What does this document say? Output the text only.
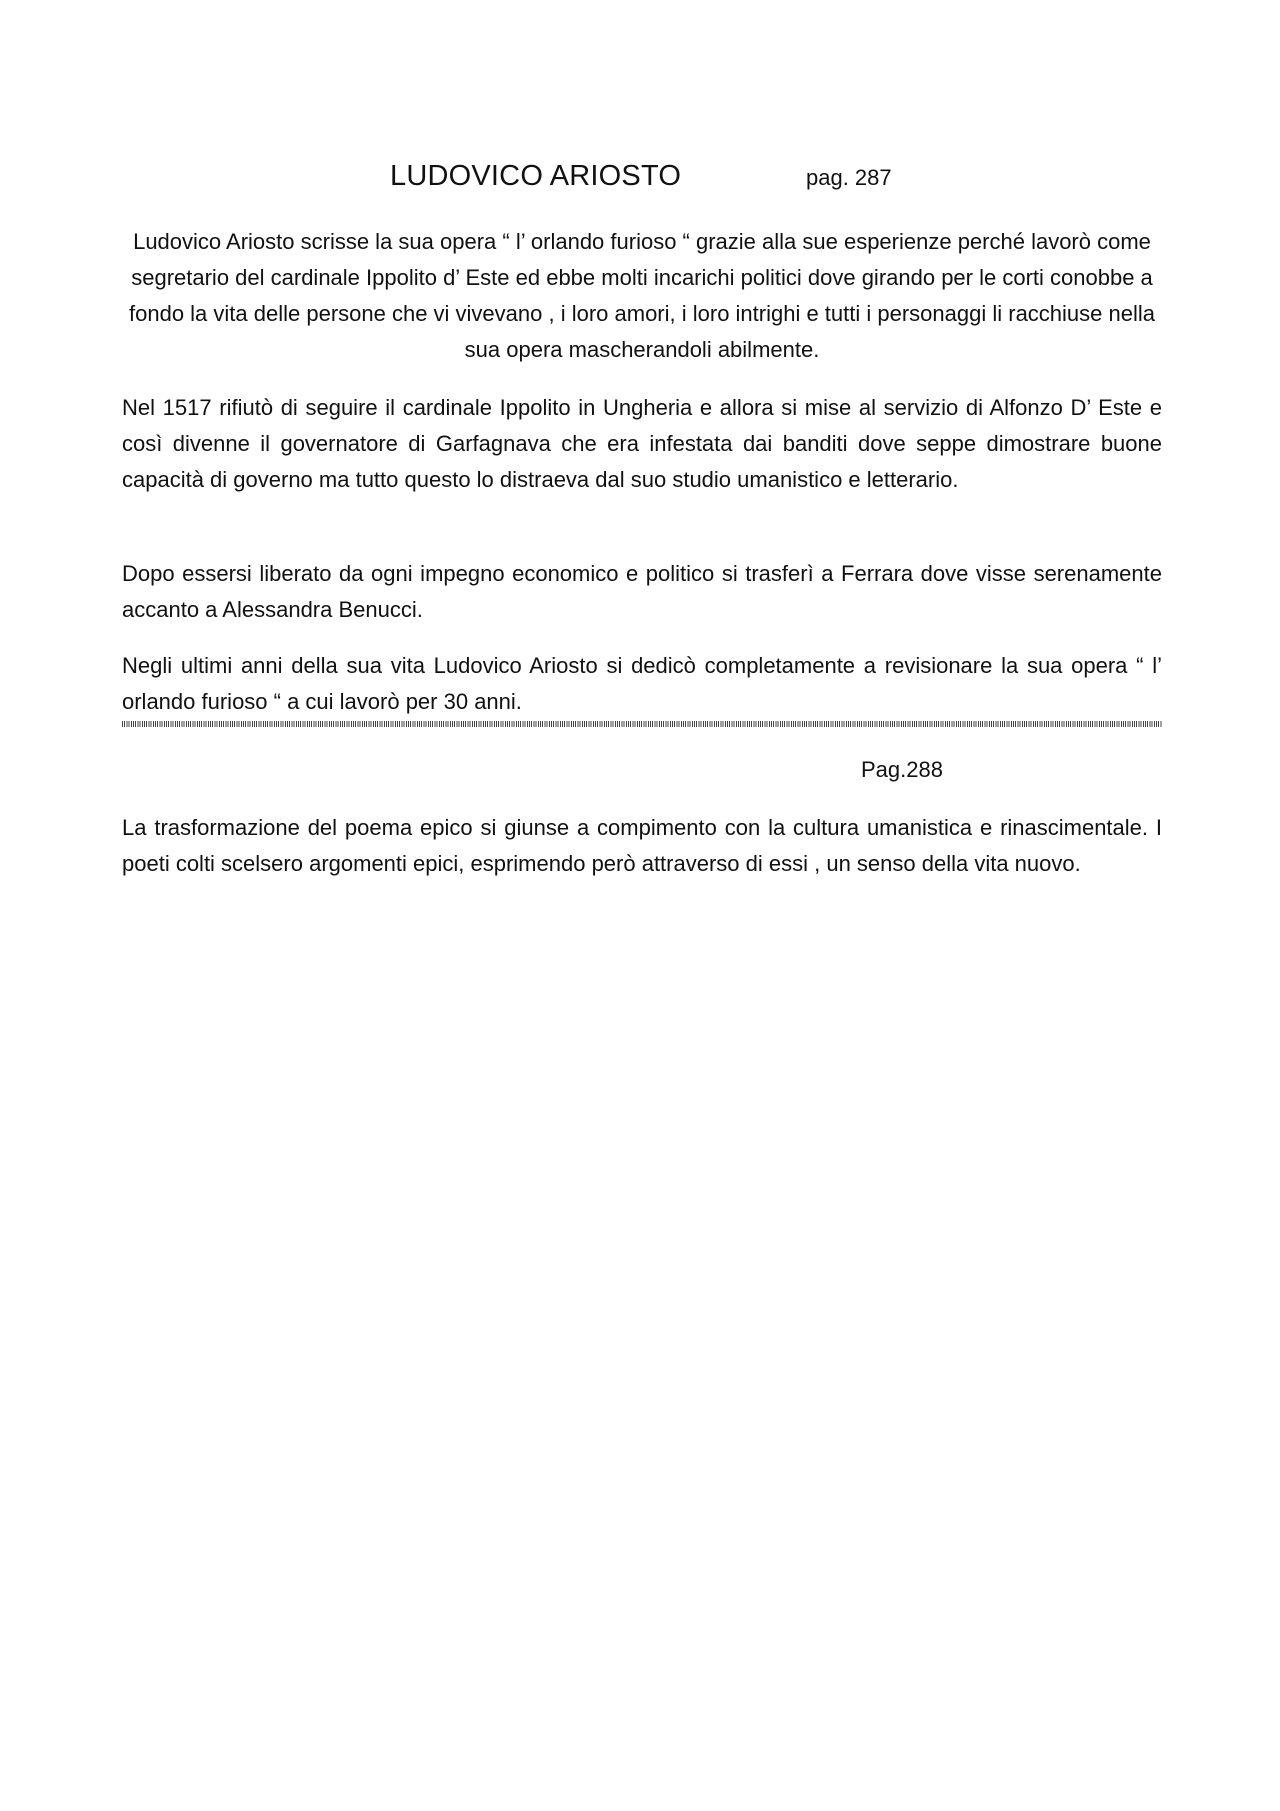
LUDOVICO ARIOSTO	pag. 287

Ludovico Ariosto scrisse la sua opera “ l’ orlando furioso “ grazie alla sue esperienze perché lavorò come segretario del cardinale Ippolito d’ Este ed ebbe molti incarichi politici dove girando per le corti conobbe a fondo la vita delle persone che vi vivevano , i loro amori, i loro intrighi e tutti i personaggi li racchiuse nella sua opera mascherandoli abilmente.

Nel 1517 rifiutò di seguire il cardinale Ippolito in Ungheria e allora si mise al servizio di Alfonzo D’ Este e così divenne il governatore di Garfagnava che era infestata dai banditi dove seppe dimostrare buone capacità di governo ma tutto questo lo distraeva dal suo studio umanistico e letterario.

Dopo essersi liberato da ogni impegno economico e politico si trasferì a Ferrara dove visse serenamente accanto a Alessandra Benucci.

Negli ultimi anni della sua vita Ludovico Ariosto si dedicò completamente a revisionare la sua opera “ l’ orlando furioso “ a cui lavorò per 30 anni.

Pag.288

La trasformazione del poema epico si giunse a compimento con la cultura umanistica e rinascimentale. I poeti colti scelsero argomenti epici, esprimendo però attraverso di essi , un senso della vita nuovo.
